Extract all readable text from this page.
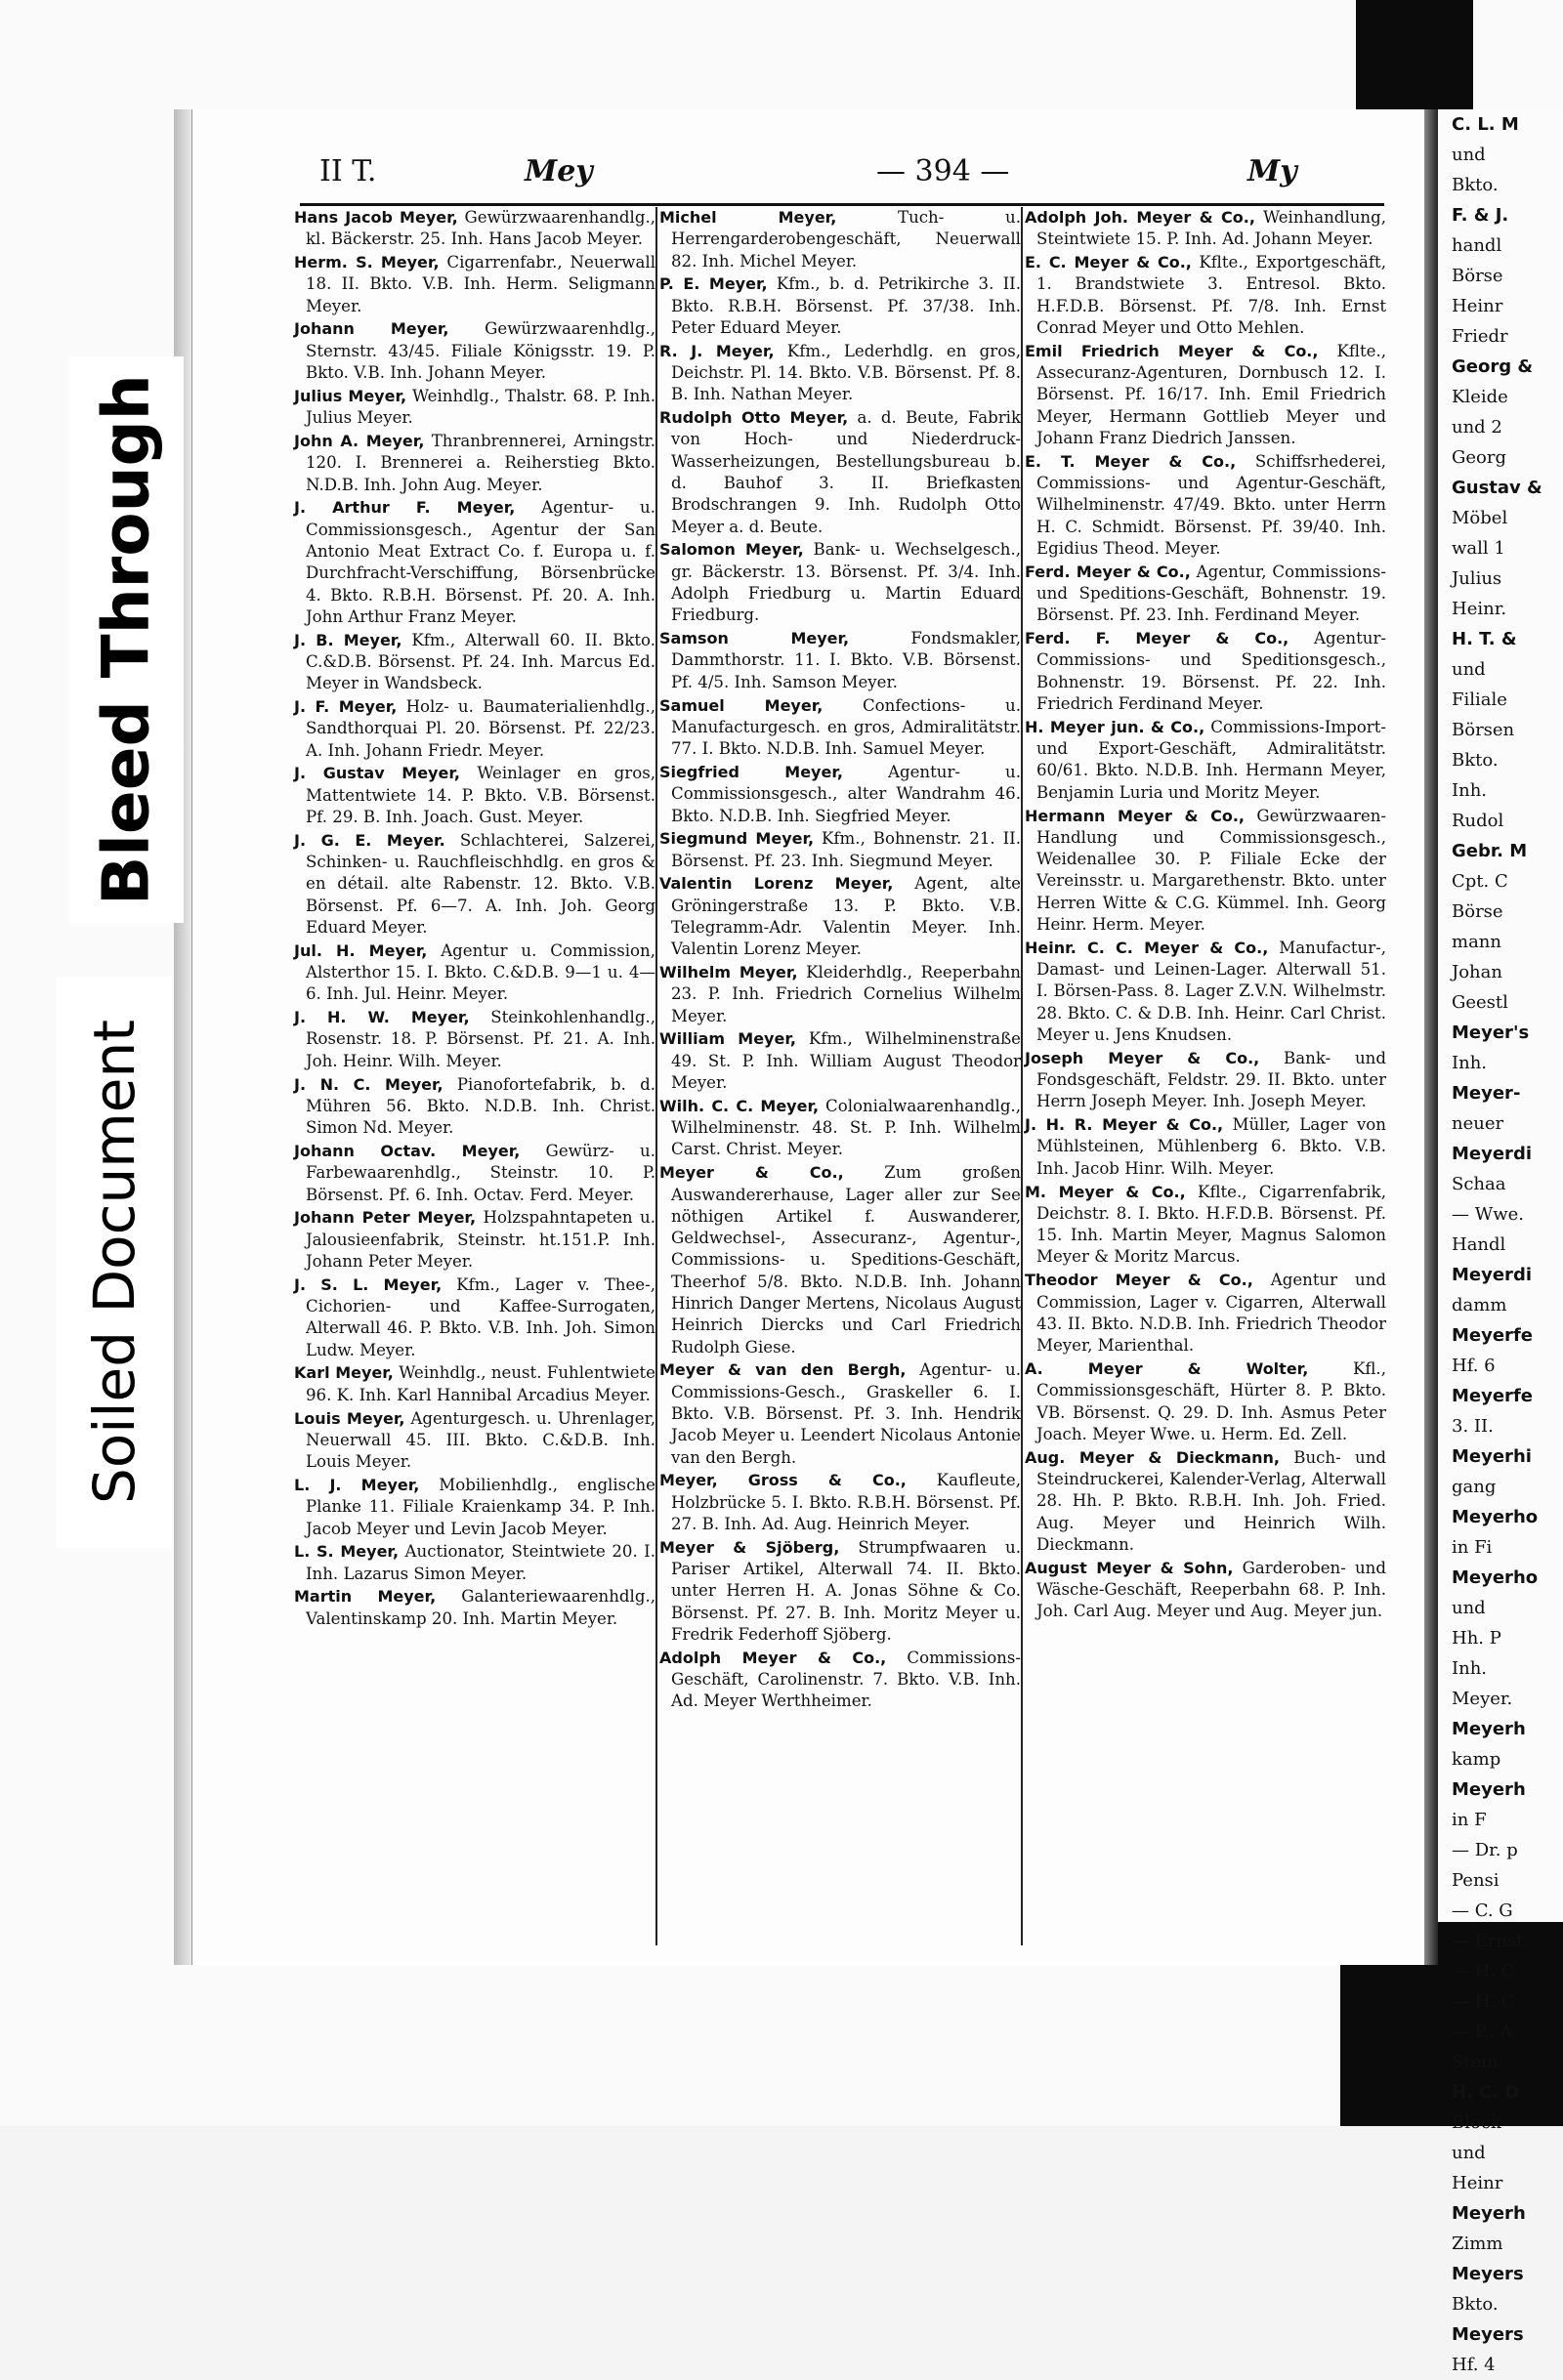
II T.	Mey	— 394 —	My

Hans Jacob Meyer, Gewürzwaarenhandlg., kl. Bäckerstr. 25. Inh. Hans Jacob Meyer.

Herm. S. Meyer, Cigarrenfabr., Neuerwall 18. II. Bkto. V.B. Inh. Herm. Seligmann Meyer.

Johann Meyer, Gewürzwaarenhdlg., Sternstr. 43/45. Filiale Königsstr. 19. P. Bkto. V.B. Inh. Johann Meyer.

Julius Meyer, Weinhdlg., Thalstr. 68. P. Inh. Julius Meyer.

John A. Meyer, Thranbrennerei, Arningstr. 120. I. Brennerei a. Reiherstieg Bkto. N.D.B. Inh. John Aug. Meyer.

J. Arthur F. Meyer, Agentur- u. Commissionsgesch., Agentur der San Antonio Meat Extract Co. f. Europa u. f. Durchfracht-Verschiffung, Börsenbrücke 4. Bkto. R.B.H. Börsenst. Pf. 20. A. Inh. John Arthur Franz Meyer.

J. B. Meyer, Kfm., Alterwall 60. II. Bkto. C.&D.B. Börsenst. Pf. 24. Inh. Marcus Ed. Meyer in Wandsbeck.

J. F. Meyer, Holz- u. Baumaterialienhdlg., Sandthorquai Pl. 20. Börsenst. Pf. 22/23. A. Inh. Johann Friedr. Meyer.

J. Gustav Meyer, Weinlager en gros, Mattentwiete 14. P. Bkto. V.B. Börsenst. Pf. 29. B. Inh. Joach. Gust. Meyer.

J. G. E. Meyer. Schlachterei, Salzerei, Schinken- u. Rauchfleischhdlg. en gros & en détail. alte Rabenstr. 12. Bkto. V.B. Börsenst. Pf. 6—7. A. Inh. Joh. Georg Eduard Meyer.

Jul. H. Meyer, Agentur u. Commission, Alsterthor 15. I. Bkto. C.&D.B. 9—1 u. 4—6. Inh. Jul. Heinr. Meyer.

J. H. W. Meyer, Steinkohlenhandlg., Rosenstr. 18. P. Börsenst. Pf. 21. A. Inh. Joh. Heinr. Wilh. Meyer.

J. N. C. Meyer, Pianofortefabrik, b. d. Mühren 56. Bkto. N.D.B. Inh. Christ. Simon Nd. Meyer.

Johann Octav. Meyer, Gewürz- u. Farbewaarenhdlg., Steinstr. 10. P. Börsenst. Pf. 6. Inh. Octav. Ferd. Meyer.

Johann Peter Meyer, Holzspahntapeten u. Jalousieenfabrik, Steinstr. ht.151.P. Inh. Johann Peter Meyer.

J. S. L. Meyer, Kfm., Lager v. Thee-, Cichorien- und Kaffee-Surrogaten, Alterwall 46. P. Bkto. V.B. Inh. Joh. Simon Ludw. Meyer.

Karl Meyer, Weinhdlg., neust. Fuhlentwiete 96. K. Inh. Karl Hannibal Arcadius Meyer.

Louis Meyer, Agenturgesch. u. Uhrenlager, Neuerwall 45. III. Bkto. C.&D.B. Inh. Louis Meyer.

L. J. Meyer, Mobilienhdlg., englische Planke 11. Filiale Kraienkamp 34. P. Inh. Jacob Meyer und Levin Jacob Meyer.

L. S. Meyer, Auctionator, Steintwiete 20. I. Inh. Lazarus Simon Meyer.

Martin Meyer, Galanteriewaarenhdlg., Valentinskamp 20. Inh. Martin Meyer.

Michel Meyer, Tuch- u. Herrengarderobengeschäft, Neuerwall 82. Inh. Michel Meyer.

P. E. Meyer, Kfm., b. d. Petrikirche 3. II. Bkto. R.B.H. Börsenst. Pf. 37/38. Inh. Peter Eduard Meyer.

R. J. Meyer, Kfm., Lederhdlg. en gros, Deichstr. Pl. 14. Bkto. V.B. Börsenst. Pf. 8. B. Inh. Nathan Meyer.

Rudolph Otto Meyer, a. d. Beute, Fabrik von Hoch- und Niederdruck-Wasserheizungen, Bestellungsbureau b. d. Bauhof 3. II. Briefkasten Brodschrangen 9. Inh. Rudolph Otto Meyer a. d. Beute.

Salomon Meyer, Bank- u. Wechselgesch., gr. Bäckerstr. 13. Börsenst. Pf. 3/4. Inh. Adolph Friedburg u. Martin Eduard Friedburg.

Samson Meyer, Fondsmakler, Dammthorstr. 11. I. Bkto. V.B. Börsenst. Pf. 4/5. Inh. Samson Meyer.

Samuel Meyer, Confections- u. Manufacturgesch. en gros, Admiralitätstr. 77. I. Bkto. N.D.B. Inh. Samuel Meyer.

Siegfried Meyer, Agentur- u. Commissionsgesch., alter Wandrahm 46. Bkto. N.D.B. Inh. Siegfried Meyer.

Siegmund Meyer, Kfm., Bohnenstr. 21. II. Börsenst. Pf. 23. Inh. Siegmund Meyer.

Valentin Lorenz Meyer, Agent, alte Gröningerstraße 13. P. Bkto. V.B. Telegramm-Adr. Valentin Meyer. Inh. Valentin Lorenz Meyer.

Wilhelm Meyer, Kleiderhdlg., Reeperbahn 23. P. Inh. Friedrich Cornelius Wilhelm Meyer.

William Meyer, Kfm., Wilhelminenstraße 49. St. P. Inh. William August Theodor Meyer.

Wilh. C. C. Meyer, Colonialwaarenhandlg., Wilhelminenstr. 48. St. P. Inh. Wilhelm Carst. Christ. Meyer.

Meyer & Co., Zum großen Auswandererhause, Lager aller zur See nöthigen Artikel f. Auswanderer, Geldwechsel-, Assecuranz-, Agentur-, Commissions- u. Speditions-Geschäft, Theerhof 5/8. Bkto. N.D.B. Inh. Johann Hinrich Danger Mertens, Nicolaus August Heinrich Diercks und Carl Friedrich Rudolph Giese.

Meyer & van den Bergh, Agentur- u. Commissions-Gesch., Graskeller 6. I. Bkto. V.B. Börsenst. Pf. 3. Inh. Hendrik Jacob Meyer u. Leendert Nicolaus Antonie van den Bergh.

Meyer, Gross & Co., Kaufleute, Holzbrücke 5. I. Bkto. R.B.H. Börsenst. Pf. 27. B. Inh. Ad. Aug. Heinrich Meyer.

Meyer & Sjöberg, Strumpfwaaren u. Pariser Artikel, Alterwall 74. II. Bkto. unter Herren H. A. Jonas Söhne & Co. Börsenst. Pf. 27. B. Inh. Moritz Meyer u. Fredrik Federhoff Sjöberg.

Adolph Meyer & Co., Commissions-Geschäft, Carolinenstr. 7. Bkto. V.B. Inh. Ad. Meyer Werthheimer.

Adolph Joh. Meyer & Co., Weinhandlung, Steintwiete 15. P. Inh. Ad. Johann Meyer.

E. C. Meyer & Co., Kfltе., Exportgeschäft, 1. Brandstwiete 3. Entresol. Bkto. H.F.D.B. Börsenst. Pf. 7/8. Inh. Ernst Conrad Meyer und Otto Mehlen.

Emil Friedrich Meyer & Co., Kflte., Assecuranz-Agenturen, Dornbusch 12. I. Börsenst. Pf. 16/17. Inh. Emil Friedrich Meyer, Hermann Gottlieb Meyer und Johann Franz Diedrich Janssen.

E. T. Meyer & Co., Schiffsrhederei, Commissions- und Agentur-Geschäft, Wilhelminenstr. 47/49. Bkto. unter Herrn H. C. Schmidt. Börsenst. Pf. 39/40. Inh. Egidius Theod. Meyer.

Ferd. Meyer & Co., Agentur, Commissions- und Speditions-Geschäft, Bohnenstr. 19. Börsenst. Pf. 23. Inh. Ferdinand Meyer.

Ferd. F. Meyer & Co., Agentur-Commissions- und Speditionsgesch., Bohnenstr. 19. Börsenst. Pf. 22. Inh. Friedrich Ferdinand Meyer.

H. Meyer jun. & Co., Commissions-Import- und Export-Geschäft, Admiralitätstr. 60/61. Bkto. N.D.B. Inh. Hermann Meyer, Benjamin Luria und Moritz Meyer.

Hermann Meyer & Co., Gewürzwaaren-Handlung und Commissionsgesch., Weidenallee 30. P. Filiale Ecke der Vereinsstr. u. Margarethenstr. Bkto. unter Herren Witte & C.G. Kümmel. Inh. Georg Heinr. Herm. Meyer.

Heinr. C. C. Meyer & Co., Manufactur-, Damast- und Leinen-Lager. Alterwall 51. I. Börsen-Pass. 8. Lager Z.V.N. Wilhelmstr. 28. Bkto. C. & D.B. Inh. Heinr. Carl Christ. Meyer u. Jens Knudsen.

Joseph Meyer & Co., Bank- und Fondsgeschäft, Feldstr. 29. II. Bkto. unter Herrn Joseph Meyer. Inh. Joseph Meyer.

J. H. R. Meyer & Co., Müller, Lager von Mühlsteinen, Mühlenberg 6. Bkto. V.B. Inh. Jacob Hinr. Wilh. Meyer.

M. Meyer & Co., Kflte., Cigarrenfabrik, Deichstr. 8. I. Bkto. H.F.D.B. Börsenst. Pf. 15. Inh. Martin Meyer, Magnus Salomon Meyer & Moritz Marcus.

Theodor Meyer & Co., Agentur und Commission, Lager v. Cigarren, Alterwall 43. II. Bkto. N.D.B. Inh. Friedrich Theodor Meyer, Marienthal.

A. Meyer & Wolter, Kfl., Commissionsgeschäft, Hürter 8. P. Bkto. VB. Börsenst. Q. 29. D. Inh. Asmus Peter Joach. Meyer Wwe. u. Herm. Ed. Zell.

Aug. Meyer & Dieckmann, Buch- und Steindruckerei, Kalender-Verlag, Alterwall 28. Hh. P. Bkto. R.B.H. Inh. Joh. Fried. Aug. Meyer und Heinrich Wilh. Dieckmann.

August Meyer & Sohn, Garderoben- und Wäsche-Geschäft, Reeperbahn 68. P. Inh. Joh. Carl Aug. Meyer und Aug. Meyer jun.

C. L. M
und
Bkto.
F. & J.
handl
Börse
Heinr
Friedr
Georg &
Kleide
und 2
Georg
Gustav &
Möbel
wall 1
Julius
Heinr.
H. T. &
und
Filiale
Börsen
Bkto.
Inh.
Rudol
Gebr. M
Cpt. C
Börse
mann
Johan
Geestl
Meyer's
Inh.
Meyer-
neuer
Meyerdi
Schaa
— Wwe.
Handl
Meyerdi
damm
Meyerfe
Hf. 6
Meyerfe
3. II.
Meyerhi
gang
Meyerho
in Fi
Meyerho
und
Hh. P
Inh.
Meyer.
Meyerh
kamp
Meyerh
in F
— Dr. p
Pensi
— C. G
— Ernst
— H. C
— H. C
— P., A
Stein
H. C. D
Block
und
Heinr
Meyerh
Zimm
Meyers
Bkto.
Meyers
Hf. 4
Bleed Through
Soiled Document
